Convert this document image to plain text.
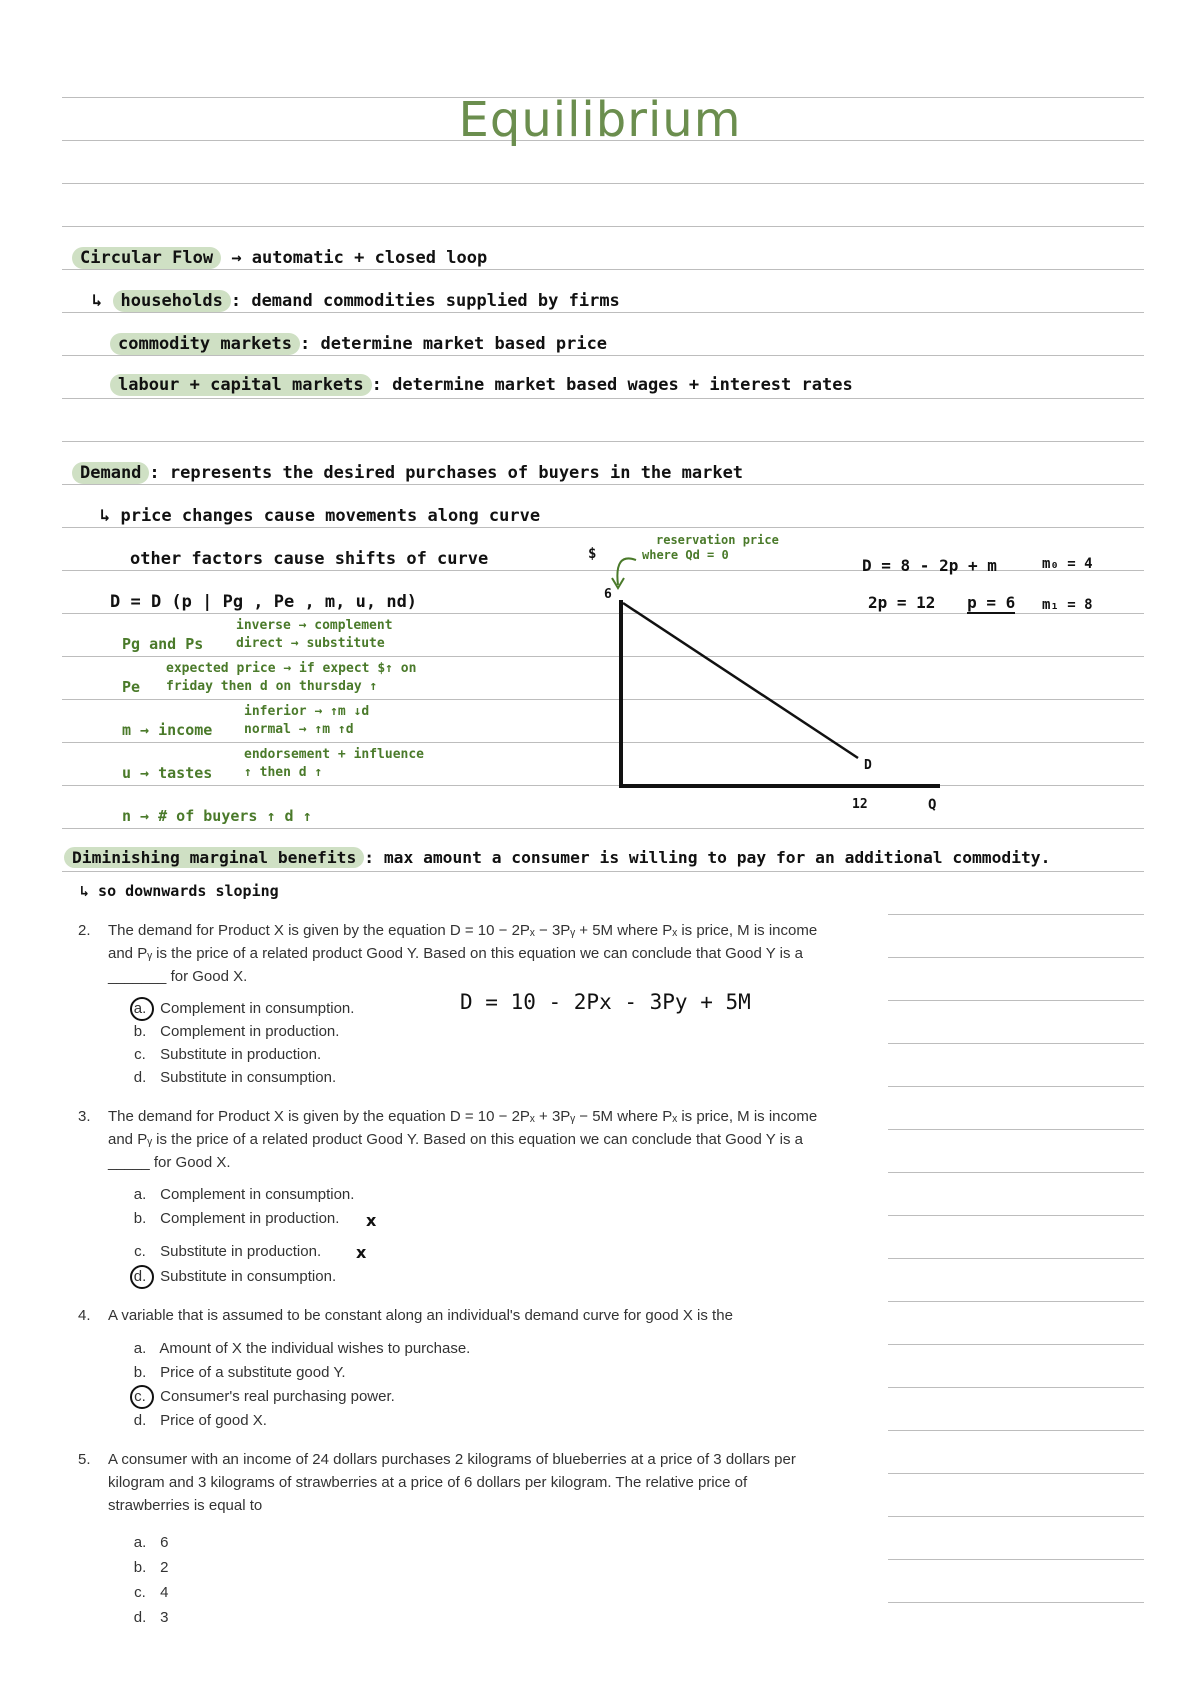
Equilibrium
Circular Flow → automatic + closed loop
↳ households : demand commodities supplied by firms
commodity markets : determine market based price
labour + capital markets : determine market based wages + interest rates
Demand : represents the desired purchases of buyers in the market
↳ price changes cause movements along curve
other factors cause shifts of curve
D = D (p | Pg , Pe , m, u, nd)
Pg and Ps
inverse → complement
direct → substitute
Pe
expected price → if expect $↑ on
friday then d on thursday ↑
m → income
inferior → ↑m ↓d
normal → ↑m ↑d
u → tastes
endorsement + influence
↑ then d ↑
n → # of buyers ↑ d ↑
$
6
12	Q
D
reservation price
where Qd = 0
D = 8 - 2p + m
2p = 12 p = 6
m₀ = 4
m₁ = 8
Diminishing marginal benefits : max amount a consumer is willing to pay for an additional commodity.
↳ so downwards sloping
2. The demand for Product X is given by the equation D = 10 − 2Pₓ − 3Pᵧ + 5M where Pₓ is price, M is income
and Pᵧ is the price of a related product Good Y. Based on this equation we can conclude that Good Y is a
_______ for Good X.
a. Complement in consumption.
b. Complement in production.
c. Substitute in production.
d. Substitute in consumption.
D = 10 - 2Px - 3Py + 5M
3. The demand for Product X is given by the equation D = 10 − 2Pₓ + 3Pᵧ − 5M where Pₓ is price, M is income
and Pᵧ is the price of a related product Good Y. Based on this equation we can conclude that Good Y is a
_____ for Good X.
a. Complement in consumption.
b. Complement in production. x
c. Substitute in production. x
d. Substitute in consumption.
4. A variable that is assumed to be constant along an individual's demand curve for good X is the
a. Amount of X the individual wishes to purchase.
b. Price of a substitute good Y.
c. Consumer's real purchasing power.
d. Price of good X.
5. A consumer with an income of 24 dollars purchases 2 kilograms of blueberries at a price of 3 dollars per
kilogram and 3 kilograms of strawberries at a price of 6 dollars per kilogram. The relative price of
strawberries is equal to
a. 6
b. 2
c. 4
d. 3
